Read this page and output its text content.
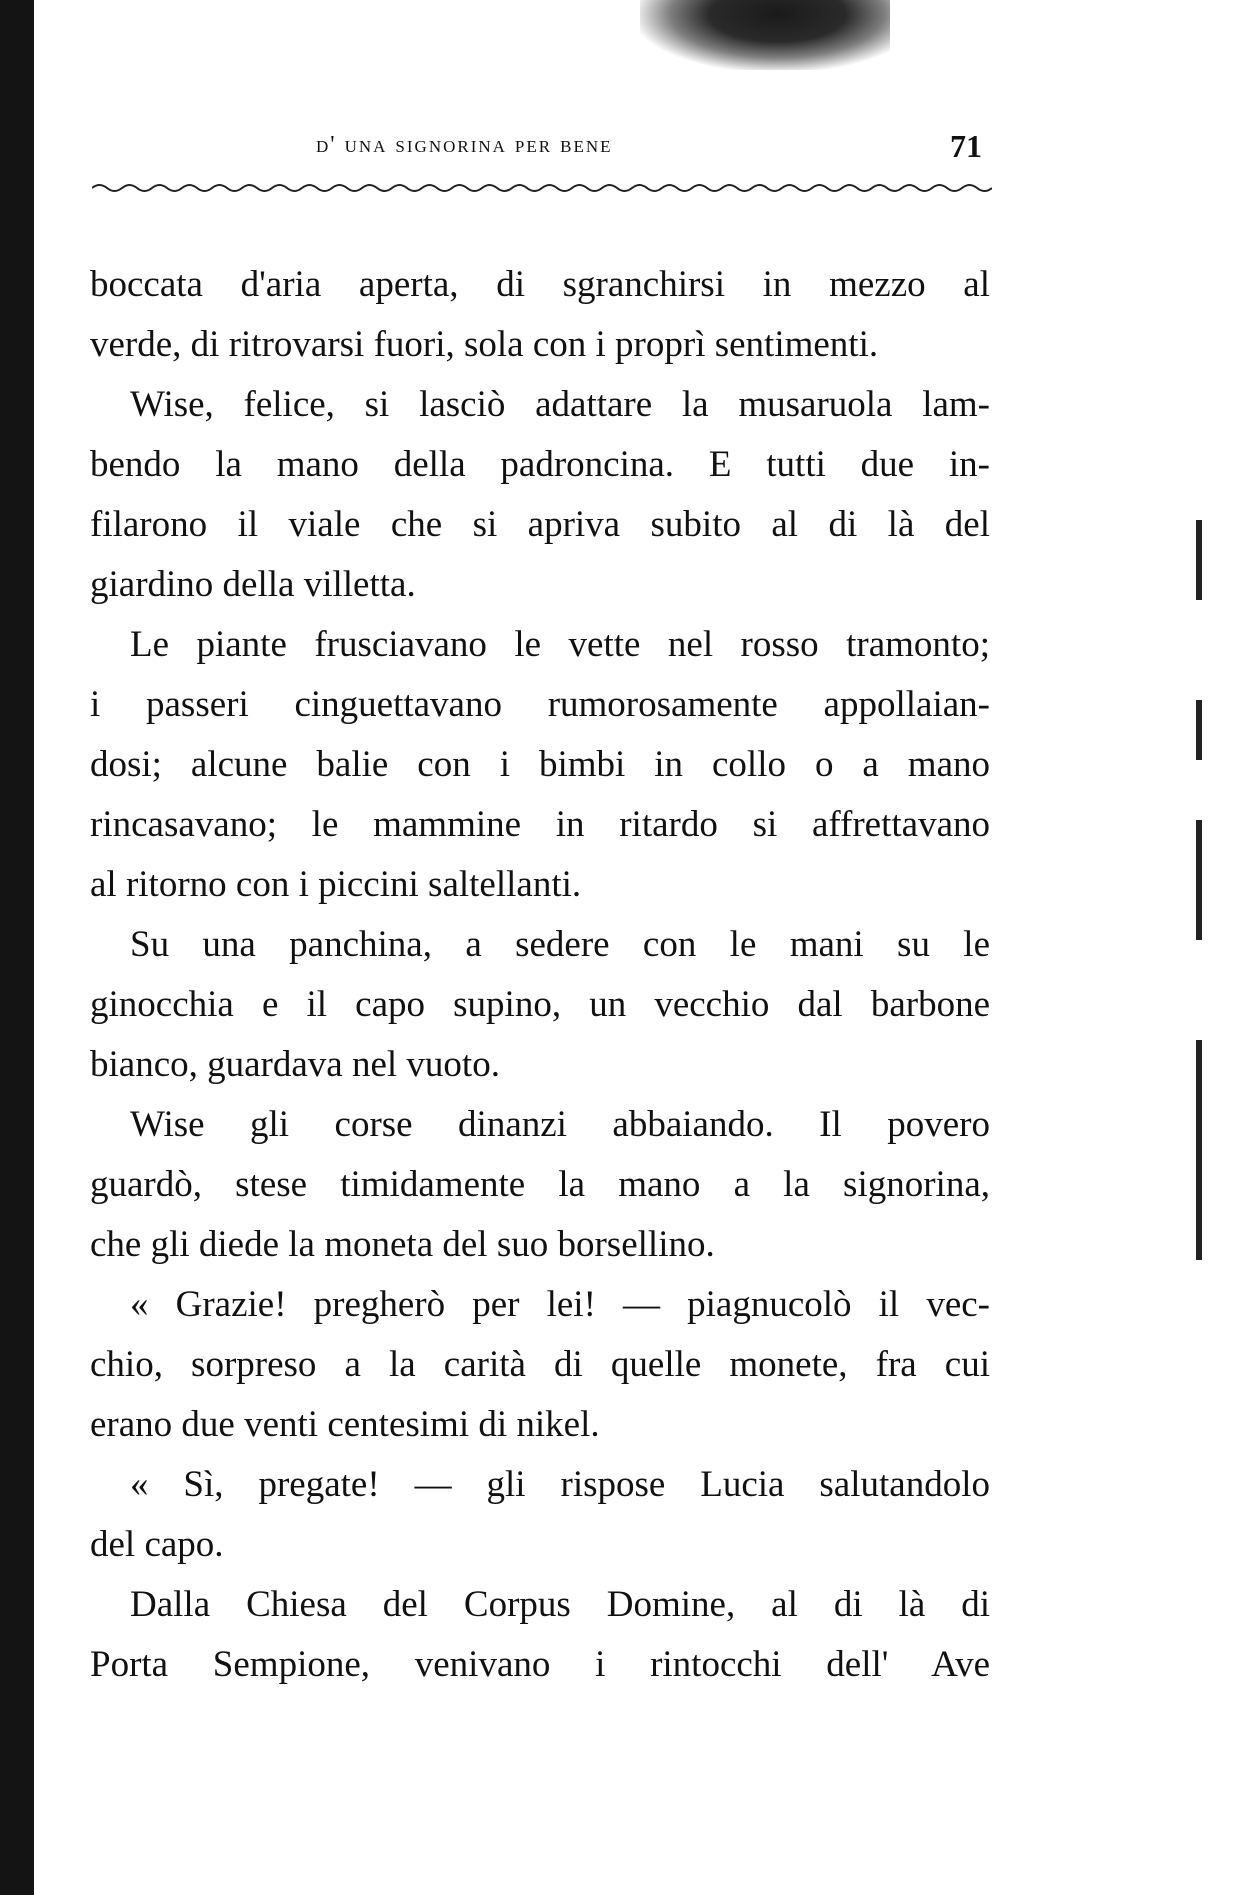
d' una signorina per bene	71
boccata d'aria aperta, di sgranchirsi in mezzo al
verde, di ritrovarsi fuori, sola con i proprì sentimenti.
Wise, felice, si lasciò adattare la musaruola lam-
bendo la mano della padroncina. E tutti due in-
filarono il viale che si apriva subito al di là del
giardino della villetta.
Le piante frusciavano le vette nel rosso tramonto;
i passeri cinguettavano rumorosamente appollaian-
dosi; alcune balie con i bimbi in collo o a mano
rincasavano; le mammine in ritardo si affrettavano
al ritorno con i piccini saltellanti.
Su una panchina, a sedere con le mani su le
ginocchia e il capo supino, un vecchio dal barbone
bianco, guardava nel vuoto.
Wise gli corse dinanzi abbaiando. Il povero
guardò, stese timidamente la mano a la signorina,
che gli diede la moneta del suo borsellino.
« Grazie! pregherò per lei! — piagnucolò il vec-
chio, sorpreso a la carità di quelle monete, fra cui
erano due venti centesimi di nikel.
« Sì, pregate! — gli rispose Lucia salutandolo
del capo.
Dalla Chiesa del Corpus Domine, al di là di
Porta Sempione, venivano i rintocchi dell' Ave
